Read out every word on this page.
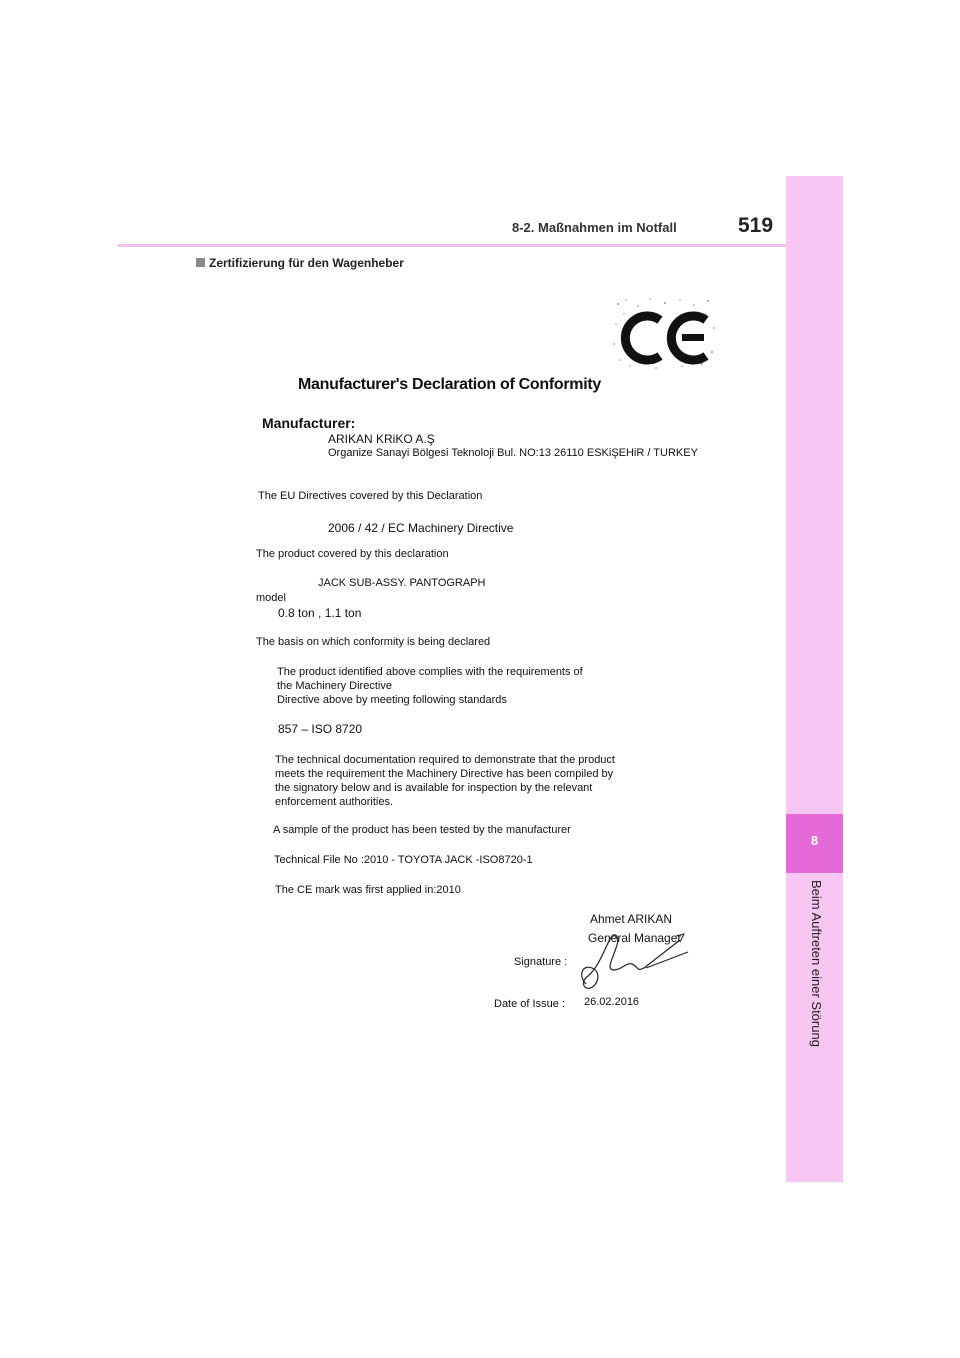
8
Beim Auftreten einer Störung
8-2. Maßnahmen im Notfall	519
Zertifizierung für den Wagenheber
Manufacturer's Declaration of Conformity
Manufacturer:
ARIKAN KRiKO A.Ş
Organize Sanayi Bölgesi Teknoloji Bul. NO:13 26110 ESKiŞEHiR / TURKEY
The EU Directives covered by this Declaration
2006 / 42 / EC Machinery Directive
The product covered by this declaration
JACK SUB-ASSY. PANTOGRAPH
model
0.8 ton , 1.1 ton
The basis on which conformity is being declared
The product identified above complies with the requirements of
the Machinery Directive
Directive above by meeting following standards
857 – ISO 8720
The technical documentation required to demonstrate that the product
meets the requirement the Machinery Directive has been compiled by
the signatory below and is available for inspection by the relevant
enforcement authorities.
A sample of the product has been tested by the manufacturer
Technical File No :2010 - TOYOTA JACK -ISO8720-1
The CE mark was first applied in:2010
Ahmet ARIKAN
General Manager
Signature :
Date of Issue : 26.02.2016
